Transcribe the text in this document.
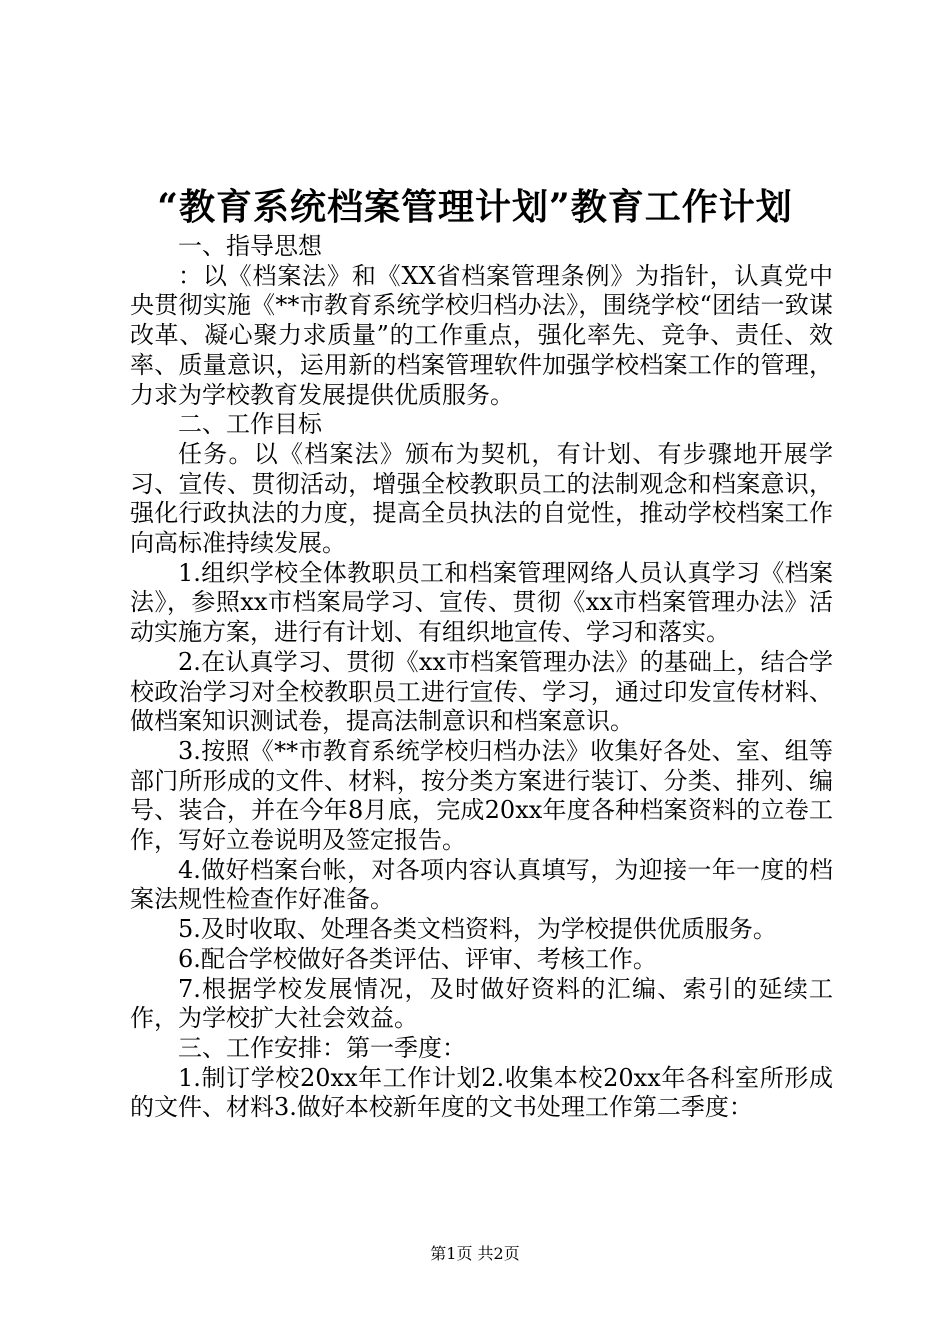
“教育系统档案管理计划”教育工作计划

一、指导思想

：以《档案法》和《XX省档案管理条例》为指针，认真党中央贯彻实施《**市教育系统学校归档办法》，围绕学校“团结一致谋改革、凝心聚力求质量”的工作重点，强化率先、竞争、责任、效率、质量意识，运用新的档案管理软件加强学校档案工作的管理，力求为学校教育发展提供优质服务。

二、工作目标

任务。以《档案法》颁布为契机，有计划、有步骤地开展学习、宣传、贯彻活动，增强全校教职员工的法制观念和档案意识，强化行政执法的力度，提高全员执法的自觉性，推动学校档案工作向高标准持续发展。

1.组织学校全体教职员工和档案管理网络人员认真学习《档案法》，参照xx市档案局学习、宣传、贯彻《xx市档案管理办法》活动实施方案，进行有计划、有组织地宣传、学习和落实。

2.在认真学习、贯彻《xx市档案管理办法》的基础上，结合学校政治学习对全校教职员工进行宣传、学习，通过印发宣传材料、做档案知识测试卷，提高法制意识和档案意识。

3.按照《**市教育系统学校归档办法》收集好各处、室、组等部门所形成的文件、材料，按分类方案进行装订、分类、排列、编号、装合，并在今年8月底，完成20xx年度各种档案资料的立卷工作，写好立卷说明及签定报告。

4.做好档案台帐，对各项内容认真填写，为迎接一年一度的档案法规性检查作好准备。

5.及时收取、处理各类文档资料，为学校提供优质服务。

6.配合学校做好各类评估、评审、考核工作。

7.根据学校发展情况，及时做好资料的汇编、索引的延续工作，为学校扩大社会效益。

三、工作安排：第一季度：

1.制订学校20xx年工作计划2.收集本校20xx年各科室所形成的文件、材料3.做好本校新年度的文书处理工作第二季度：

第1页 共2页
